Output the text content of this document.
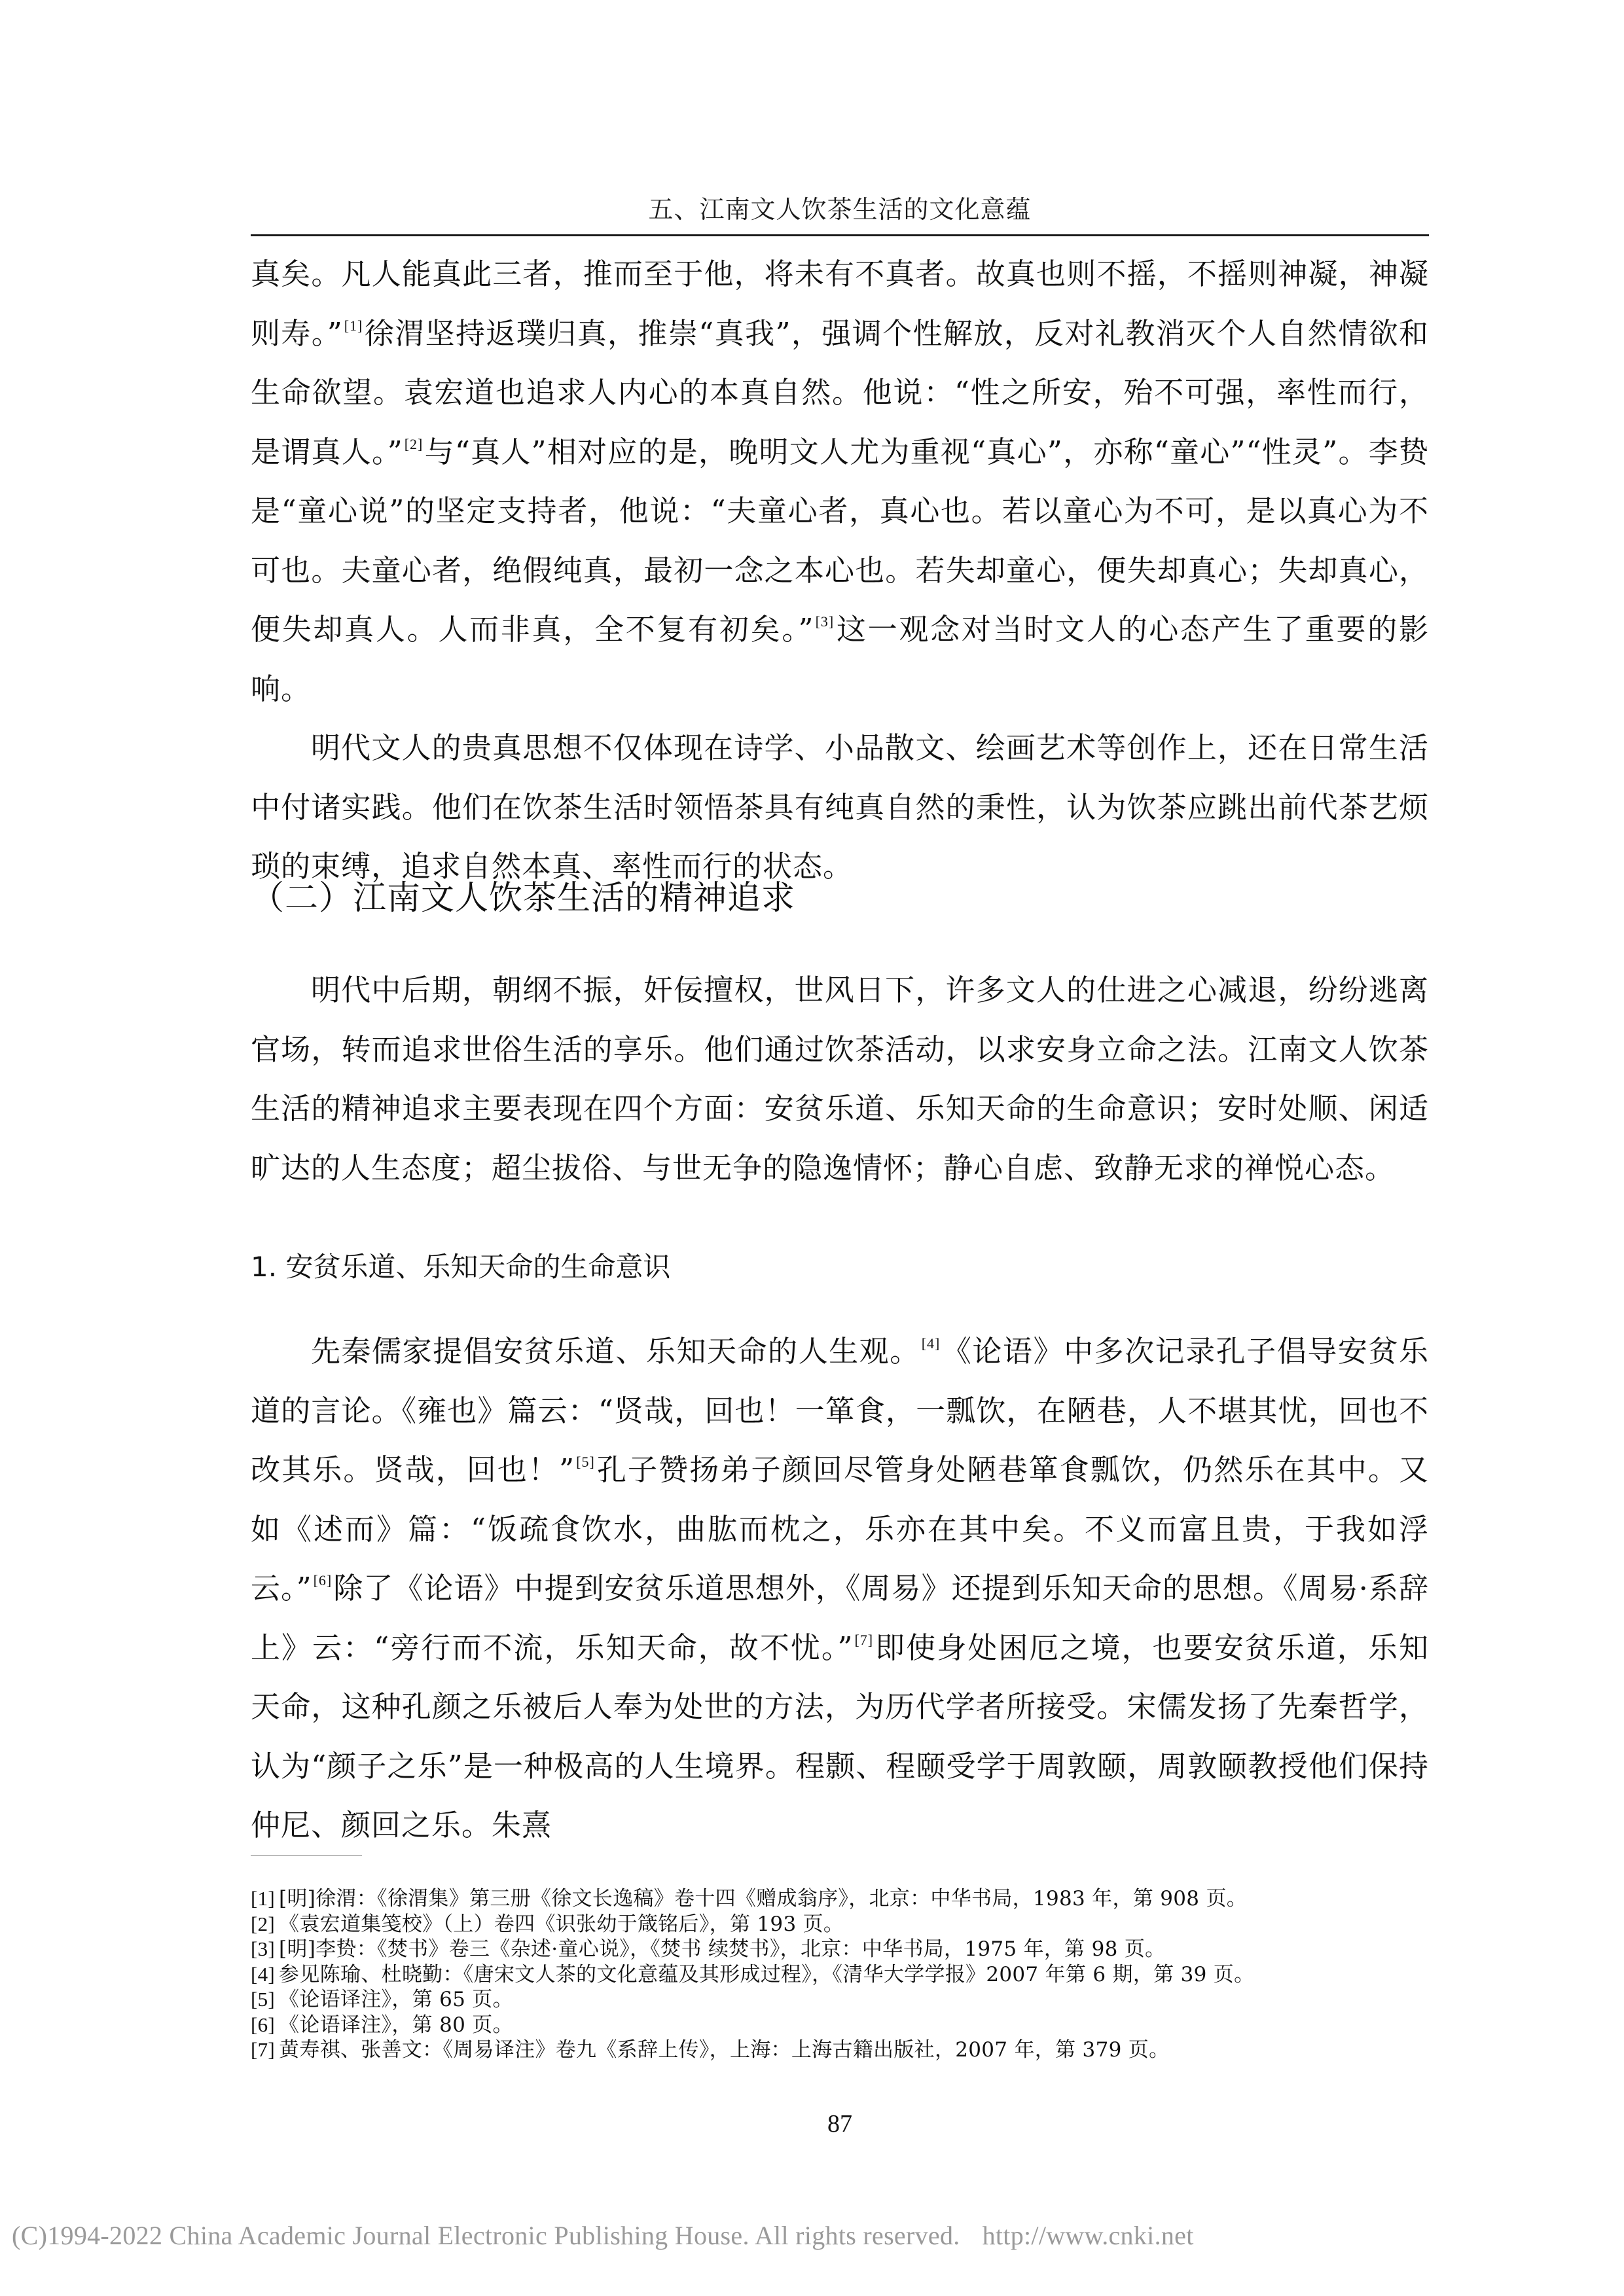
五、江南文人饮茶生活的文化意蕴

真矣。凡人能真此三者，推而至于他，将未有不真者。故真也则不摇，不摇则神凝，神凝则寿。”[1]徐渭坚持返璞归真，推崇“真我”，强调个性解放，反对礼教消灭个人自然情欲和生命欲望。袁宏道也追求人内心的本真自然。他说：“性之所安，殆不可强，率性而行，是谓真人。”[2]与“真人”相对应的是，晚明文人尤为重视“真心”，亦称“童心”“性灵”。李贽是“童心说”的坚定支持者，他说：“夫童心者，真心也。若以童心为不可，是以真心为不可也。夫童心者，绝假纯真，最初一念之本心也。若失却童心，便失却真心；失却真心，便失却真人。人而非真，全不复有初矣。”[3]这一观念对当时文人的心态产生了重要的影响。

明代文人的贵真思想不仅体现在诗学、小品散文、绘画艺术等创作上，还在日常生活中付诸实践。他们在饮茶生活时领悟茶具有纯真自然的秉性，认为饮茶应跳出前代茶艺烦琐的束缚，追求自然本真、率性而行的状态。

（二）江南文人饮茶生活的精神追求

明代中后期，朝纲不振，奸佞擅权，世风日下，许多文人的仕进之心减退，纷纷逃离官场，转而追求世俗生活的享乐。他们通过饮茶活动，以求安身立命之法。江南文人饮茶生活的精神追求主要表现在四个方面：安贫乐道、乐知天命的生命意识；安时处顺、闲适旷达的人生态度；超尘拔俗、与世无争的隐逸情怀；静心自虑、致静无求的禅悦心态。

1. 安贫乐道、乐知天命的生命意识

先秦儒家提倡安贫乐道、乐知天命的人生观。[4]《论语》中多次记录孔子倡导安贫乐道的言论。《雍也》篇云：“贤哉，回也！一箪食，一瓢饮，在陋巷，人不堪其忧，回也不改其乐。贤哉，回也！”[5]孔子赞扬弟子颜回尽管身处陋巷箪食瓢饮，仍然乐在其中。又如《述而》篇：“饭疏食饮水，曲肱而枕之，乐亦在其中矣。不义而富且贵，于我如浮云。”[6]除了《论语》中提到安贫乐道思想外，《周易》还提到乐知天命的思想。《周易·系辞上》云：“旁行而不流，乐知天命，故不忧。”[7]即使身处困厄之境，也要安贫乐道，乐知天命，这种孔颜之乐被后人奉为处世的方法，为历代学者所接受。宋儒发扬了先秦哲学，认为“颜子之乐”是一种极高的人生境界。程颢、程颐受学于周敦颐，周敦颐教授他们保持仲尼、颜回之乐。朱熹

[1] [明]徐渭：《徐渭集》第三册《徐文长逸稿》卷十四《赠成翁序》，北京：中华书局，1983 年，第 908 页。
[2] 《袁宏道集笺校》（上）卷四《识张幼于箴铭后》，第 193 页。
[3] [明]李贽：《焚书》卷三《杂述·童心说》，《焚书 续焚书》，北京：中华书局，1975 年，第 98 页。
[4] 参见陈瑜、杜晓勤：《唐宋文人茶的文化意蕴及其形成过程》，《清华大学学报》2007 年第 6 期，第 39 页。
[5] 《论语译注》，第 65 页。
[6] 《论语译注》，第 80 页。
[7] 黄寿祺、张善文：《周易译注》卷九《系辞上传》，上海：上海古籍出版社，2007 年，第 379 页。
87
(C)1994-2022 China Academic Journal Electronic Publishing House. All rights reserved. http://www.cnki.net
